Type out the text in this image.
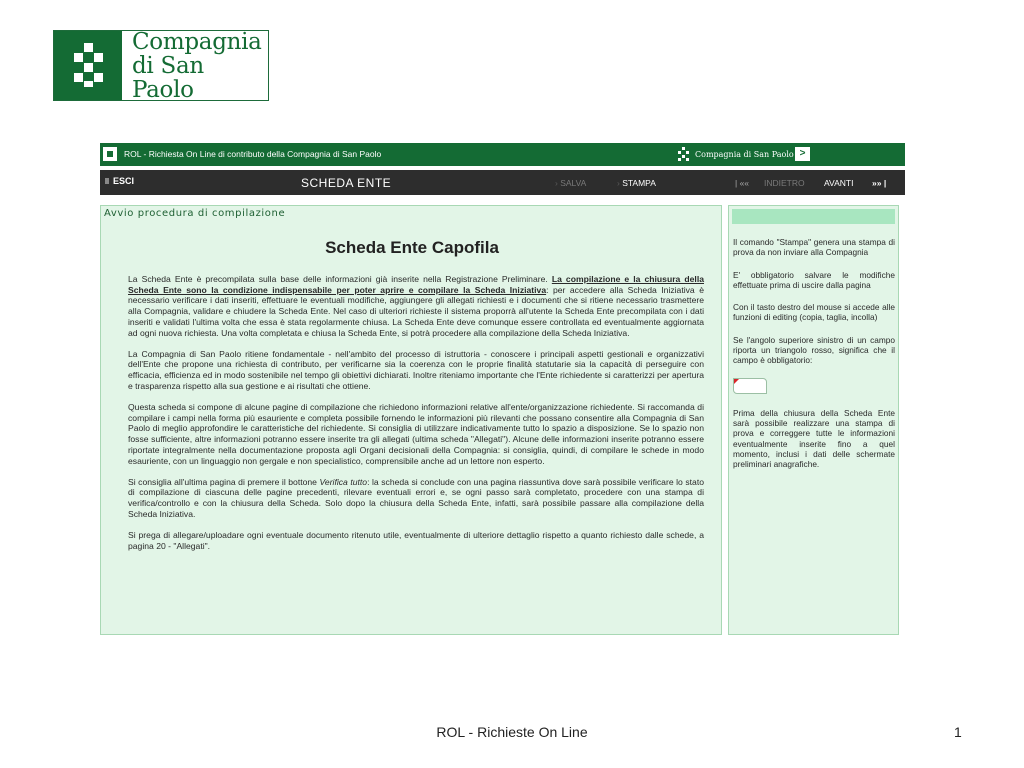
Compagnia
di San Paolo
ROL - Richiesta On Line di contributo della Compagnia di San Paolo	Compagnia di San Paolo >
ESCI	SCHEDA ENTE	› SALVA	› STAMPA	| «« INDIETRO AVANTI »» |
Avvio procedura di compilazione
Scheda Ente Capofila

La Scheda Ente è precompilata sulla base delle informazioni già inserite nella Registrazione Preliminare. La compilazione e la chiusura della Scheda Ente sono la condizione indispensabile per poter aprire e compilare la Scheda Iniziativa: per accedere alla Scheda Iniziativa è necessario verificare i dati inseriti, effettuare le eventuali modifiche, aggiungere gli allegati richiesti e i documenti che si ritiene necessario trasmettere alla Compagnia, validare e chiudere la Scheda Ente. Nel caso di ulteriori richieste il sistema proporrà all'utente la Scheda Ente precompilata con i dati inseriti e validati l'ultima volta che essa è stata regolarmente chiusa. La Scheda Ente deve comunque essere controllata ed eventualmente aggiornata ad ogni nuova richiesta. Una volta completata e chiusa la Scheda Ente, si potrà procedere alla compilazione della Scheda Iniziativa.

La Compagnia di San Paolo ritiene fondamentale - nell'ambito del processo di istruttoria - conoscere i principali aspetti gestionali e organizzativi dell'Ente che propone una richiesta di contributo, per verificarne sia la coerenza con le proprie finalità statutarie sia la capacità di perseguire con efficacia, efficienza ed in modo sostenibile nel tempo gli obiettivi dichiarati. Inoltre riteniamo importante che l'Ente richiedente si caratterizzi per apertura e trasparenza rispetto alla sua gestione e ai risultati che ottiene.

Questa scheda si compone di alcune pagine di compilazione che richiedono informazioni relative all'ente/organizzazione richiedente. Si raccomanda di compilare i campi nella forma più esauriente e completa possibile fornendo le informazioni più rilevanti che possano consentire alla Compagnia di San Paolo di meglio approfondire le caratteristiche del richiedente. Si consiglia di utilizzare indicativamente tutto lo spazio a disposizione. Se lo spazio non fosse sufficiente, altre informazioni potranno essere inserite tra gli allegati (ultima scheda "Allegati"). Alcune delle informazioni inserite potranno essere riportate integralmente nella documentazione proposta agli Organi decisionali della Compagnia: si consiglia, quindi, di compilare le schede in modo esauriente, con un linguaggio non gergale e non specialistico, comprensibile anche ad un lettore non esperto.

Si consiglia all'ultima pagina di premere il bottone Verifica tutto: la scheda si conclude con una pagina riassuntiva dove sarà possibile verificare lo stato di compilazione di ciascuna delle pagine precedenti, rilevare eventuali errori e, se ogni passo sarà completato, procedere con una stampa di verifica/controllo e con la chiusura della Scheda. Solo dopo la chiusura della Scheda Ente, infatti, sarà possibile passare alla compilazione della Scheda Iniziativa.

Si prega di allegare/uploadare ogni eventuale documento ritenuto utile, eventualmente di ulteriore dettaglio rispetto a quanto richiesto dalle schede, a pagina 20 - "Allegati".

Il comando "Stampa" genera una stampa di prova da non inviare alla Compagnia

E' obbligatorio salvare le modifiche effettuate prima di uscire dalla pagina

Con il tasto destro del mouse si accede alle funzioni di editing (copia, taglia, incolla)

Se l'angolo superiore sinistro di un campo riporta un triangolo rosso, significa che il campo è obbligatorio:

Prima della chiusura della Scheda Ente sarà possibile realizzare una stampa di prova e correggere tutte le informazioni eventualmente inserite fino a quel momento, inclusi i dati delle schermate preliminari anagrafiche.

ROL - Richieste On Line	1
